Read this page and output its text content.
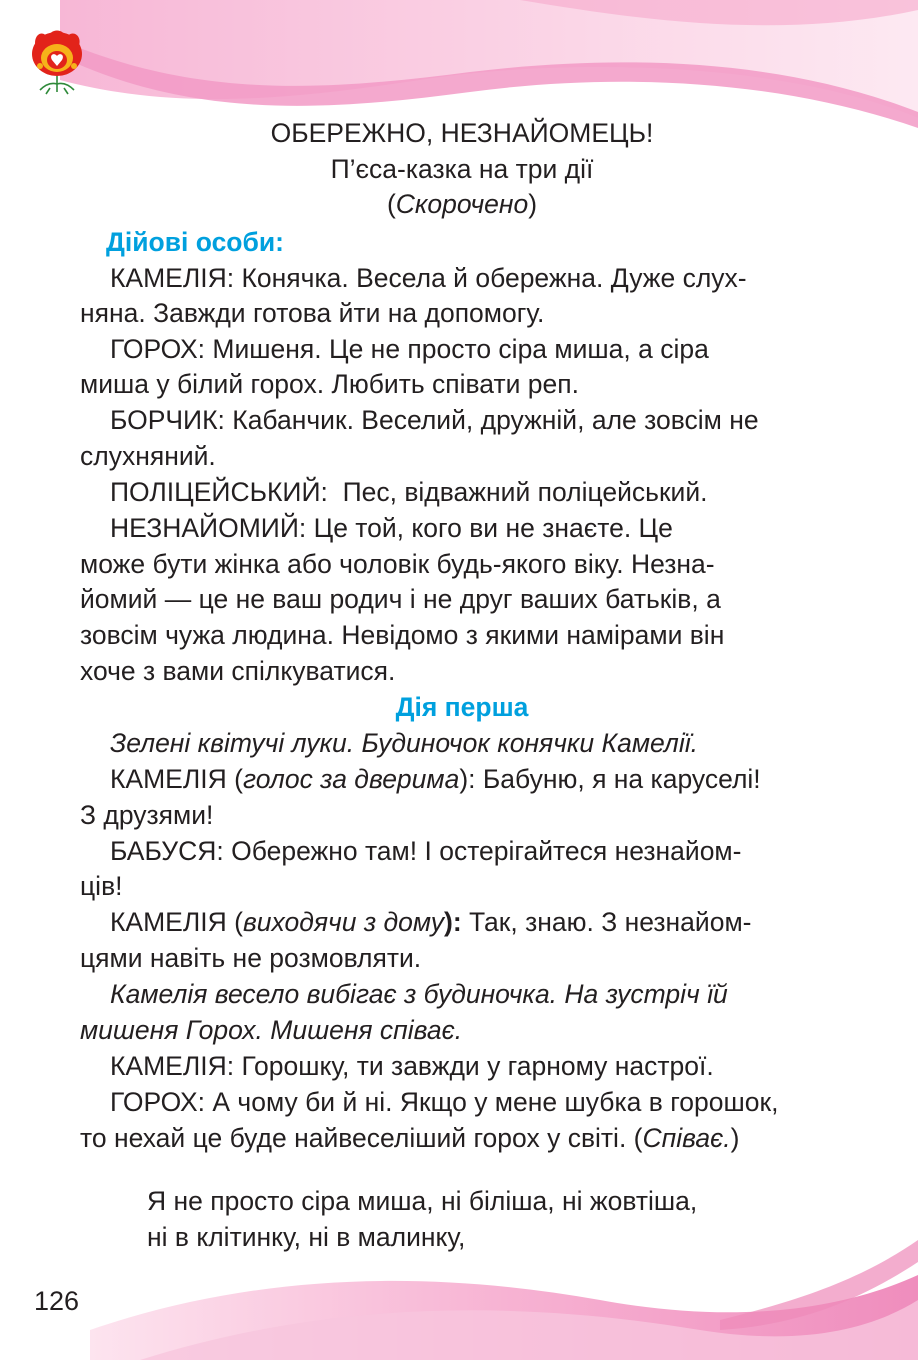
ОБЕРЕЖНО, НЕЗНАЙОМЕЦЬ!
П’єса-казка на три дії
(Скорочено)
Дійові особи:
КАМЕЛІЯ: Конячка. Весела й обережна. Дуже слух-
няна. Завжди готова йти на допомогу.
ГОРОХ: Мишеня. Це не просто сіра миша, а сіра
миша у білий горох. Любить співати реп.
БОРЧИК: Кабанчик. Веселий, дружній, але зовсім не
слухняний.
ПОЛІЦЕЙСЬКИЙ:  Пес, відважний поліцейський.
НЕЗНАЙОМИЙ: Це той, кого ви не знаєте. Це
може бути жінка або чоловік будь-якого віку. Незна-
йомий — це не ваш родич і не друг ваших батьків, а
зовсім чужа людина. Невідомо з якими намірами він
хоче з вами спілкуватися.
Дія перша
Зелені квітучі луки. Будиночок конячки Камелії.
КАМЕЛІЯ (голос за дверима): Бабуню, я на каруселі!
З друзями!
БАБУСЯ: Обережно там! І остерігайтеся незнайом-
ців!
КАМЕЛІЯ (виходячи з дому): Так, знаю. З незнайом-
цями навіть не розмовляти.
Камелія весело вибігає з будиночка. На зустріч їй
мишеня Горох. Мишеня співає.
КАМЕЛІЯ: Горошку, ти завжди у гарному настрої.
ГОРОХ: А чому би й ні. Якщо у мене шубка в горошок,
то нехай це буде найвеселіший горох у світі. (Співає.)
Я не просто сіра миша, ні біліша, ні жовтіша,
ні в клітинку, ні в малинку,
126
